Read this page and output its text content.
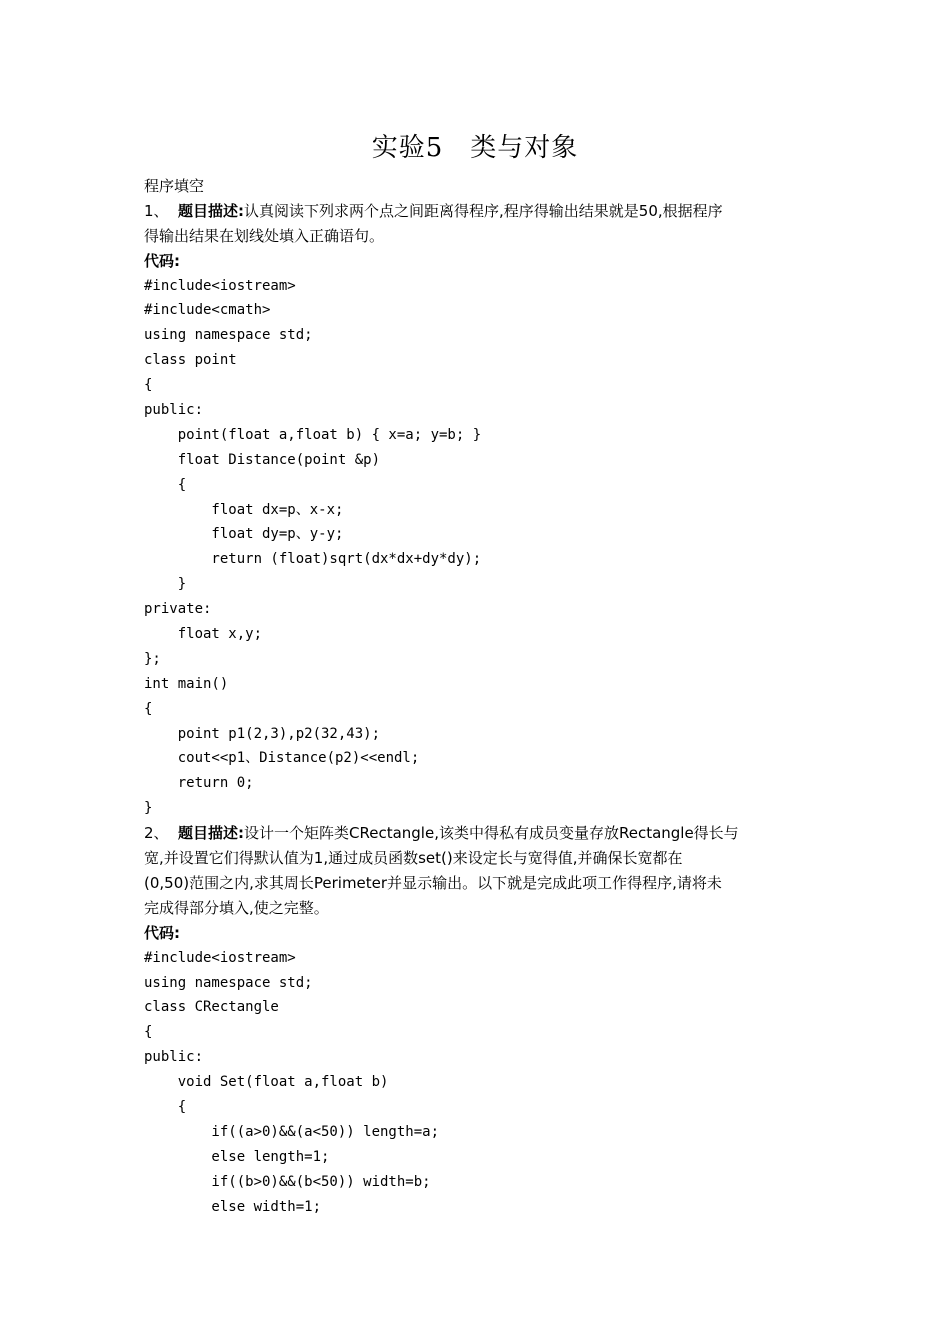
实验5　类与对象
程序填空
1、 题目描述:认真阅读下列求两个点之间距离得程序,程序得输出结果就是50,根据程序
得输出结果在划线处填入正确语句。
代码:
#include<iostream>
#include<cmath>
using namespace std;
class point
{
public:
point(float a,float b) { x=a; y=b; }
float Distance(point &p)
{
float dx=p、x-x;
float dy=p、y-y;
return (float)sqrt(dx*dx+dy*dy);
}
private:
float x,y;
};
int main()
{
point p1(2,3),p2(32,43);
cout<<p1、Distance(p2)<<endl;
return 0;
}
2、 题目描述:设计一个矩阵类CRectangle,该类中得私有成员变量存放Rectangle得长与
宽,并设置它们得默认值为1,通过成员函数set()来设定长与宽得值,并确保长宽都在
(0,50)范围之内,求其周长Perimeter并显示输出。以下就是完成此项工作得程序,请将未
完成得部分填入,使之完整。
代码:
#include<iostream>
using namespace std;
class CRectangle
{
public:
void Set(float a,float b)
{
if((a>0)&&(a<50)) length=a;
else length=1;
if((b>0)&&(b<50)) width=b;
else width=1;
